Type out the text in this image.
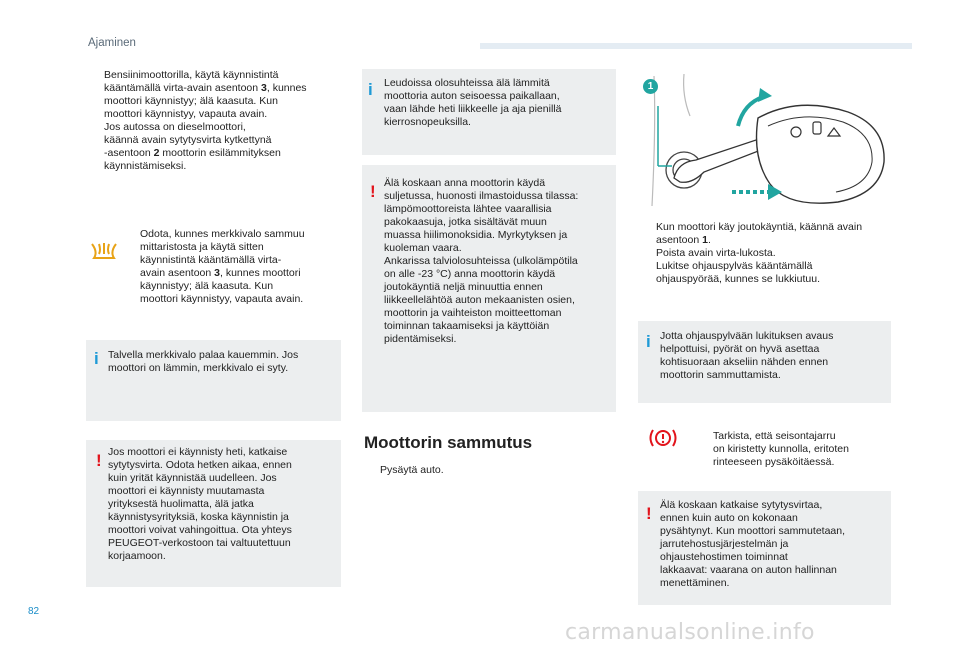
Ajaminen
Bensiinimoottorilla, käytä käynnistintä
kääntämällä virta-avain asentoon 3, kunnes
moottori käynnistyy; älä kaasuta. Kun
moottori käynnistyy, vapauta avain.
Jos autossa on dieselmoottori,
käännä avain sytytysvirta kytkettynä
-asentoon 2 moottorin esilämmityksen
käynnistämiseksi.
Odota, kunnes merkkivalo sammuu
mittaristosta ja käytä sitten
käynnistintä kääntämällä virta-
avain asentoon 3, kunnes moottori
käynnistyy; älä kaasuta. Kun
moottori käynnistyy, vapauta avain.
i Talvella merkkivalo palaa kauemmin. Jos
moottori on lämmin, merkkivalo ei syty.
! Jos moottori ei käynnisty heti, katkaise
sytytysvirta. Odota hetken aikaa, ennen
kuin yrität käynnistää uudelleen. Jos
moottori ei käynnisty muutamasta
yrityksestä huolimatta, älä jatka
käynnistysyrityksiä, koska käynnistin ja
moottori voivat vahingoittua. Ota yhteys
PEUGEOT-verkostoon tai valtuutettuun
korjaamoon.
i Leudoissa olosuhteissa älä lämmitä
moottoria auton seisoessa paikallaan,
vaan lähde heti liikkeelle ja aja pienillä
kierrosnopeuksilla.
! Älä koskaan anna moottorin käydä
suljetussa, huonosti ilmastoidussa tilassa:
lämpömoottoreista lähtee vaarallisia
pakokaasuja, jotka sisältävät muun
muassa hiilimonoksidia. Myrkytyksen ja
kuoleman vaara.
Ankarissa talviolosuhteissa (ulkolämpötila
on alle -23 °C) anna moottorin käydä
joutokäyntiä neljä minuuttia ennen
liikkeellelähtöä auton mekaanisten osien,
moottorin ja vaihteiston moitteettoman
toiminnan takaamiseksi ja käyttöiän
pidentämiseksi.
Moottorin sammutus
Pysäytä auto.
1
Kun moottori käy joutokäyntiä, käännä avain
asentoon 1.
Poista avain virta-lukosta.
Lukitse ohjauspylväs kääntämällä
ohjauspyörää, kunnes se lukkiutuu.
i Jotta ohjauspylvään lukituksen avaus
helpottuisi, pyörät on hyvä asettaa
kohtisuoraan akseliin nähden ennen
moottorin sammuttamista.
Tarkista, että seisontajarru
on kiristetty kunnolla, eritoten
rinteeseen pysäköitäessä.
! Älä koskaan katkaise sytytysvirtaa,
ennen kuin auto on kokonaan
pysähtynyt. Kun moottori sammutetaan,
jarrutehostusjärjestelmän ja
ohjaustehostimen toiminnat
lakkaavat: vaarana on auton hallinnan
menettäminen.
82
carmanualsonline.info
